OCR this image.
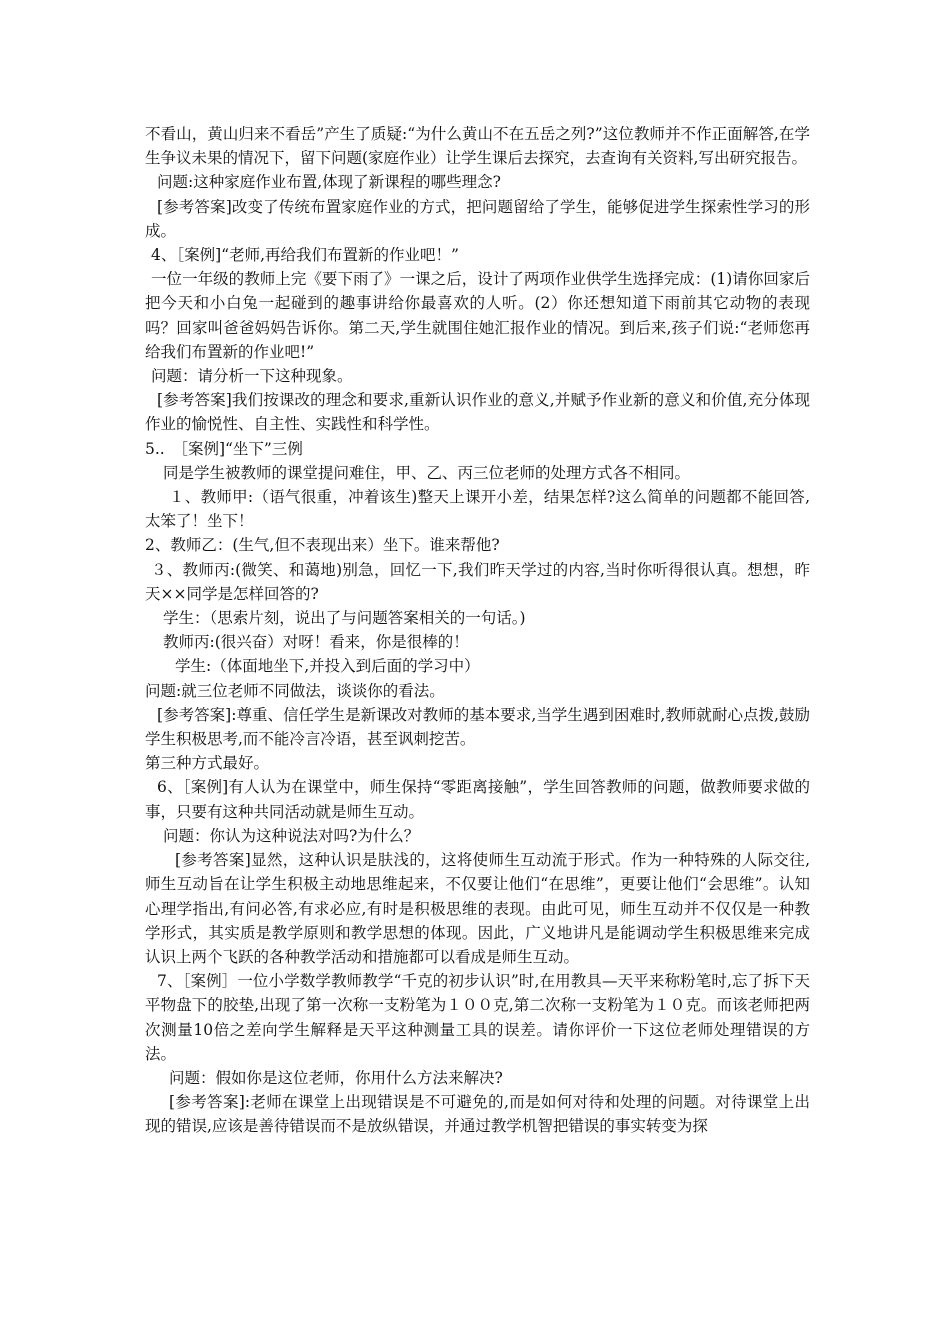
不看山，黄山归来不看岳”产生了质疑:“为什么黄山不在五岳之列?”这位教师并不作正面解答,在学生争议未果的情况下，留下问题(家庭作业）让学生课后去探究，去查询有关资料,写出研究报告。

问题:这种家庭作业布置,体现了新课程的哪些理念?

[参考答案]改变了传统布置家庭作业的方式，把问题留给了学生，能够促进学生探索性学习的形成。

4、［案例]“老师,再给我们布置新的作业吧！”

一位一年级的教师上完《要下雨了》一课之后，设计了两项作业供学生选择完成：(1)请你回家后把今天和小白兔一起碰到的趣事讲给你最喜欢的人听。(2）你还想知道下雨前其它动物的表现吗？回家叫爸爸妈妈告诉你。第二天,学生就围住她汇报作业的情况。到后来,孩子们说:“老师您再给我们布置新的作业吧!”

问题：请分析一下这种现象。

[参考答案]我们按课改的理念和要求,重新认识作业的意义,并赋予作业新的意义和价值,充分体现作业的愉悦性、自主性、实践性和科学性。

5..　［案例]“坐下”三例

同是学生被教师的课堂提问难住，甲、乙、丙三位老师的处理方式各不相同。

１、教师甲:（语气很重，冲着该生)整天上课开小差，结果怎样?这么简单的问题都不能回答,太笨了！坐下！

2、教师乙：(生气,但不表现出来）坐下。谁来帮他?

３、教师丙:(微笑、和蔼地)别急，回忆一下,我们昨天学过的内容,当时你听得很认真。想想，昨天××同学是怎样回答的?

学生：（思索片刻，说出了与问题答案相关的一句话。)

教师丙:(很兴奋）对呀！看来，你是很棒的！

学生:（体面地坐下,并投入到后面的学习中）

问题:就三位老师不同做法，谈谈你的看法。

[参考答案]:尊重、信任学生是新课改对教师的基本要求,当学生遇到困难时,教师就耐心点拨,鼓励学生积极思考,而不能冷言冷语，甚至讽刺挖苦。

第三种方式最好。

6、［案例]有人认为在课堂中，师生保持“零距离接触”，学生回答教师的问题，做教师要求做的事，只要有这种共同活动就是师生互动。

问题：你认为这种说法对吗?为什么？

[参考答案]显然，这种认识是肤浅的，这将使师生互动流于形式。作为一种特殊的人际交往,师生互动旨在让学生积极主动地思维起来，不仅要让他们“在思维”，更要让他们“会思维”。认知心理学指出,有问必答,有求必应,有时是积极思维的表现。由此可见，师生互动并不仅仅是一种教学形式，其实质是教学原则和教学思想的体现。因此，广义地讲凡是能调动学生积极思维来完成认识上两个飞跃的各种教学活动和措施都可以看成是师生互动。

7、［案例］一位小学数学教师教学“千克的初步认识”时,在用教具—天平来称粉笔时,忘了拆下天平物盘下的胶垫,出现了第一次称一支粉笔为１００克,第二次称一支粉笔为１０克。而该老师把两次测量10倍之差向学生解释是天平这种测量工具的误差。请你评价一下这位老师处理错误的方法。

问题：假如你是这位老师，你用什么方法来解决?

[参考答案]:老师在课堂上出现错误是不可避免的,而是如何对待和处理的问题。对待课堂上出现的错误,应该是善待错误而不是放纵错误，并通过教学机智把错误的事实转变为探
